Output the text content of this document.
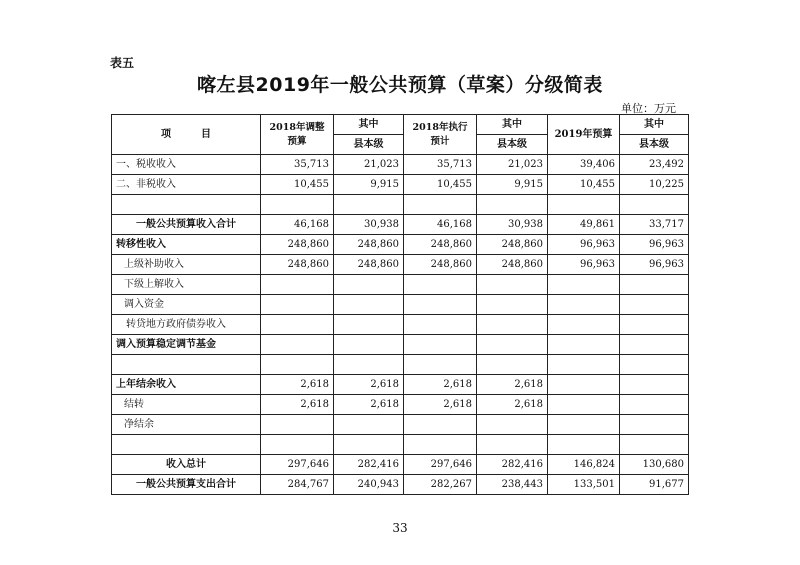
表五
喀左县2019年一般公共预算（草案）分级简表
单位：万元
项　　　目	2018年调整预算	其中	2018年执行预计	其中	2019年预算	其中
		县本级		县本级		县本级
一、税收收入	35,713	21,023	35,713	21,023	39,406	23,492
二、非税收入	10,455	9,915	10,455	9,915	10,455	10,225

一般公共预算收入合计	46,168	30,938	46,168	30,938	49,861	33,717
转移性收入	248,860	248,860	248,860	248,860	96,963	96,963
上级补助收入	248,860	248,860	248,860	248,860	96,963	96,963
下级上解收入						
调入资金						
转贷地方政府债券收入						
调入预算稳定调节基金						

上年结余收入	2,618	2,618	2,618	2,618		
结转	2,618	2,618	2,618	2,618		
净结余						

收入总计	297,646	282,416	297,646	282,416	146,824	130,680
一般公共预算支出合计	284,767	240,943	282,267	238,443	133,501	91,677
33
